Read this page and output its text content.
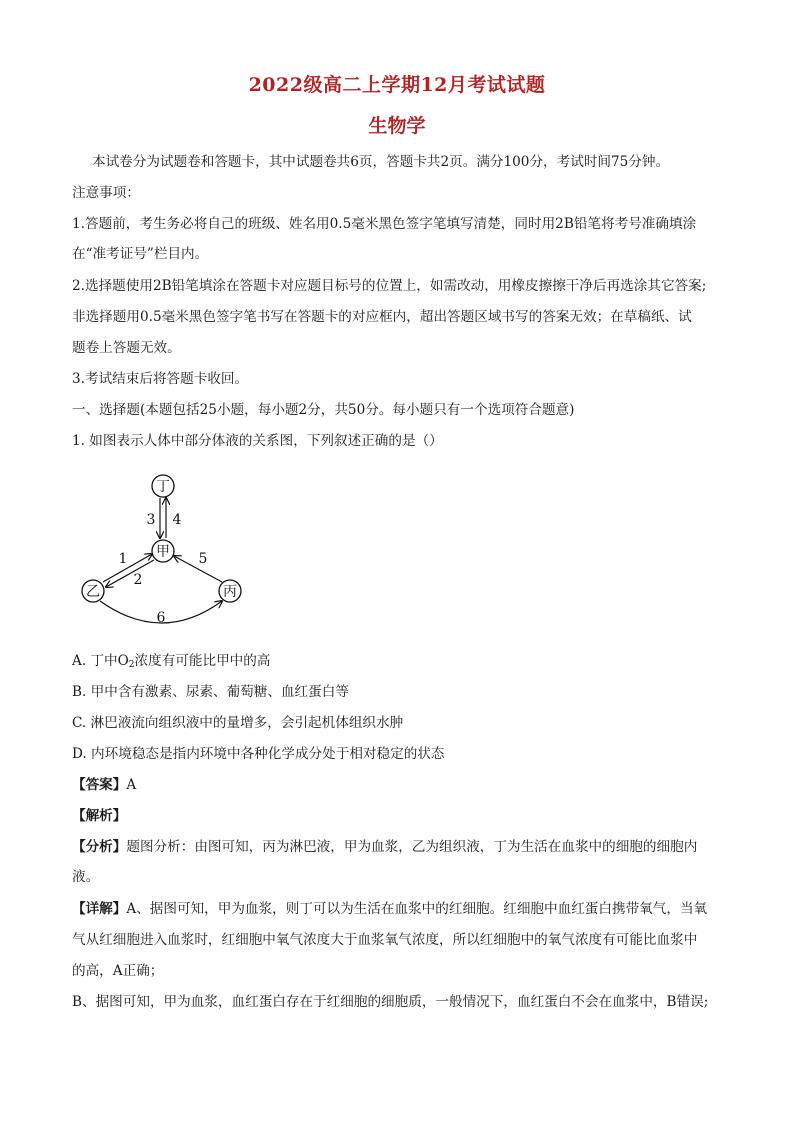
2022级高二上学期12月考试试题
生物学
本试卷分为试题卷和答题卡，其中试题卷共6页，答题卡共2页。满分100分，考试时间75分钟。
注意事项：
1.答题前，考生务必将自己的班级、姓名用0.5毫米黑色签字笔填写清楚，同时用2B铅笔将考号准确填涂
在“准考证号”栏目内。
2.选择题使用2B铅笔填涂在答题卡对应题目标号的位置上，如需改动，用橡皮擦擦干净后再选涂其它答案;
非选择题用0.5毫米黑色签字笔书写在答题卡的对应框内，超出答题区域书写的答案无效；在草稿纸、试
题卷上答题无效。
3.考试结束后将答题卡收回。
一、选择题(本题包括25小题，每小题2分，共50分。每小题只有一个选项符合题意)
1. 如图表示人体中部分体液的关系图，下列叙述正确的是（）
丁
甲
乙	丙
3 4
1
2
5
6
A. 丁中$O_2$浓度有可能比甲中的高
B. 甲中含有激素、尿素、葡萄糖、血红蛋白等
C. 淋巴液流向组织液中的量增多，会引起机体组织水肿
D. 内环境稳态是指内环境中各种化学成分处于相对稳定的状态
【答案】A
【解析】
【分析】题图分析：由图可知，丙为淋巴液，甲为血浆，乙为组织液，丁为生活在血浆中的细胞的细胞内
液。
【详解】A、据图可知，甲为血浆，则丁可以为生活在血浆中的红细胞。红细胞中血红蛋白携带氧气，当氧
气从红细胞进入血浆时，红细胞中氧气浓度大于血浆氧气浓度，所以红细胞中的氧气浓度有可能比血浆中
的高，A正确；
B、据图可知，甲为血浆，血红蛋白存在于红细胞的细胞质，一般情况下，血红蛋白不会在血浆中，B错误;
